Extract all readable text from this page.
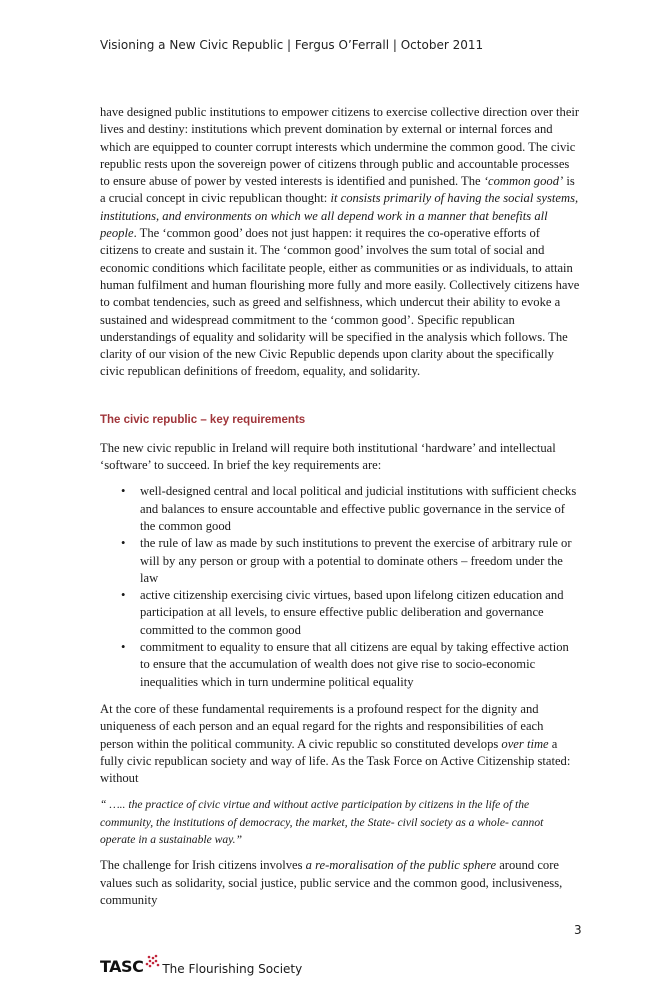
Visioning a New Civic Republic | Fergus O’Ferrall | October 2011

have designed public institutions to empower citizens to exercise collective direction over their lives and destiny: institutions which prevent domination by external or internal forces and which are equipped to counter corrupt interests which undermine the common good. The civic republic rests upon the sovereign power of citizens through public and accountable processes to ensure abuse of power by vested interests is identified and punished. The ‘common good’ is a crucial concept in civic republican thought: it consists primarily of having the social systems, institutions, and environments on which we all depend work in a manner that benefits all people. The ‘common good’ does not just happen: it requires the co-operative efforts of citizens to create and sustain it. The ‘common good’ involves the sum total of social and economic conditions which facilitate people, either as communities or as individuals, to attain human fulfilment and human flourishing more fully and more easily. Collectively citizens have to combat tendencies, such as greed and selfishness, which undercut their ability to evoke a sustained and widespread commitment to the ‘common good’. Specific republican understandings of equality and solidarity will be specified in the analysis which follows. The clarity of our vision of the new Civic Republic depends upon clarity about the specifically civic republican definitions of freedom, equality, and solidarity.

The civic republic – key requirements

The new civic republic in Ireland will require both institutional ‘hardware’ and intellectual ‘software’ to succeed. In brief the key requirements are:

• well-designed central and local political and judicial institutions with sufficient checks and balances to ensure accountable and effective public governance in the service of the common good
• the rule of law as made by such institutions to prevent the exercise of arbitrary rule or will by any person or group with a potential to dominate others – freedom under the law
• active citizenship exercising civic virtues, based upon lifelong citizen education and participation at all levels, to ensure effective public deliberation and governance committed to the common good
• commitment to equality to ensure that all citizens are equal by taking effective action to ensure that the accumulation of wealth does not give rise to socio-economic inequalities which in turn undermine political equality

At the core of these fundamental requirements is a profound respect for the dignity and uniqueness of each person and an equal regard for the rights and responsibilities of each person within the political community. A civic republic so constituted develops over time a fully civic republican society and way of life. As the Task Force on Active Citizenship stated: without

“ ….. the practice of civic virtue and without active participation by citizens in the life of the community, the institutions of democracy, the market, the State- civil society as a whole- cannot operate in a sustainable way.”

The challenge for Irish citizens involves a re-moralisation of the public sphere around core values such as solidarity, social justice, public service and the common good, inclusiveness, community

3
TASC The Flourishing Society
